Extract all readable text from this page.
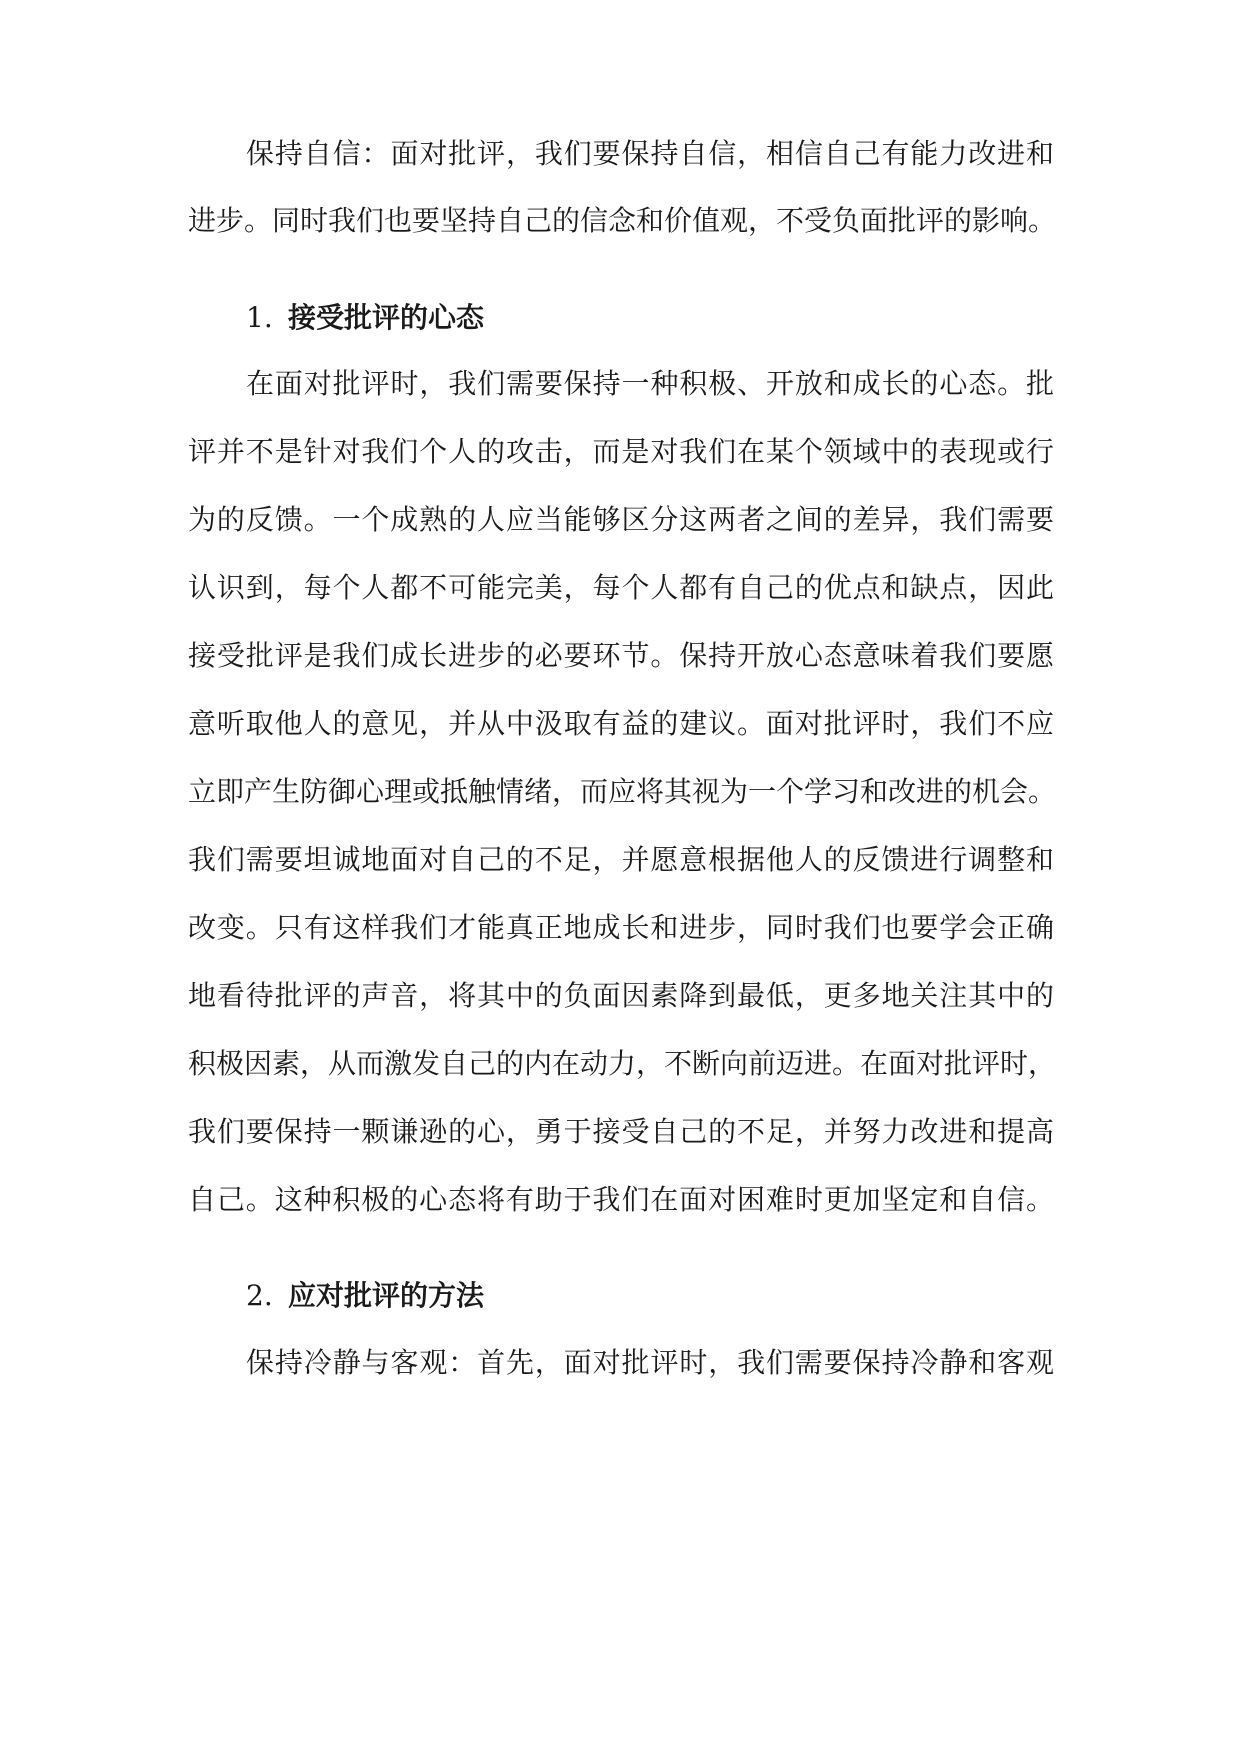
保持自信：面对批评，我们要保持自信，相信自己有能力改进和
进步。同时我们也要坚持自己的信念和价值观，不受负面批评的影响。
1. 接受批评的心态
在面对批评时，我们需要保持一种积极、开放和成长的心态。批
评并不是针对我们个人的攻击，而是对我们在某个领域中的表现或行
为的反馈。一个成熟的人应当能够区分这两者之间的差异，我们需要
认识到，每个人都不可能完美，每个人都有自己的优点和缺点，因此
接受批评是我们成长进步的必要环节。保持开放心态意味着我们要愿
意听取他人的意见，并从中汲取有益的建议。面对批评时，我们不应
立即产生防御心理或抵触情绪，而应将其视为一个学习和改进的机会。
我们需要坦诚地面对自己的不足，并愿意根据他人的反馈进行调整和
改变。只有这样我们才能真正地成长和进步，同时我们也要学会正确
地看待批评的声音，将其中的负面因素降到最低，更多地关注其中的
积极因素，从而激发自己的内在动力，不断向前迈进。在面对批评时，
我们要保持一颗谦逊的心，勇于接受自己的不足，并努力改进和提高
自己。这种积极的心态将有助于我们在面对困难时更加坚定和自信。
2. 应对批评的方法
保持冷静与客观：首先，面对批评时，我们需要保持冷静和客观
